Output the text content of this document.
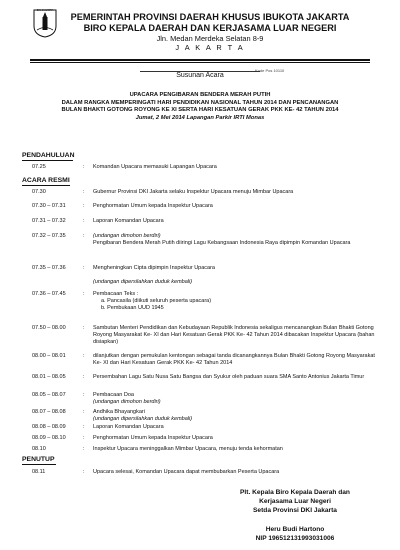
DKI JAKARTA
PEMERINTAH PROVINSI DAERAH KHUSUS IBUKOTA JAKARTA
BIRO KEPALA DAERAH DAN KERJASAMA LUAR NEGERI
Jln. Medan Merdeka Selatan 8-9
J A K A R T A
Kode Pos 10110
Susunan Acara
UPACARA PENGIBARAN BENDERA MERAH PUTIH
DALAM RANGKA MEMPERINGATI HARI PENDIDIKAN NASIONAL TAHUN 2014 DAN PENCANANGAN
BULAN BHAKTI GOTONG ROYONG KE XI SERTA HARI KESATUAN GERAK PKK KE- 42 TAHUN 2014
Jumat, 2 Mei 2014 Lapangan Parkir IRTI Monas
PENDAHULUAN
07.25	: Komandan Upacara memasuki Lapangan Upacara
ACARA RESMI
07.30	: Gubernur Provinsi DKI Jakarta selaku Inspektur Upacara menuju Mimbar Upacara
07.30 – 07.31	: Penghormatan Umum kepada Inspektur Upacara
07.31 – 07.32	: Laporan Komandan Upacara
07.32 – 07.35	: (undangan dimohon berdiri)
Pengibaran Bendera Merah Putih diiringi Lagu Kebangsaan Indonesia Raya dipimpin Komandan Upacara
07.35 – 07.36	: Mengheningkan Cipta dipimpin Inspektur Upacara

(undangan dipersilahkan duduk kembali)
07.36 – 07.45	: Pembacaan Teks :
a. Pancasila (diikuti seluruh peserta upacara)
b. Pembukaan UUD 1945
07.50 – 08.00	: Sambutan Menteri Pendidikan dan Kebudayaan Republik Indonesia sekaligus mencanangkan Bulan Bhakti Gotong Royong Masyarakat Ke- XI dan Hari Kesatuan Gerak PKK Ke- 42 Tahun 2014 dibacakan Inspektur Upacara (bahan disiapkan)
08.00 – 08.01	: dilanjutkan dengan pemukulan kentongan sebagai tanda dicanangkannya Bulan Bhakti Gotong Royong Masyarakat Ke- XI dan Hari Kesatuan Gerak PKK Ke- 42 Tahun 2014
08.01 – 08.05	: Persembahan Lagu Satu Nusa Satu Bangsa dan Syukur oleh paduan suara SMA Santo Antonius Jakarta Timur
08.05 – 08.07	: Pembacaan Doa
(undangan dimohon berdiri)
08.07 – 08.08	: Andhika Bhayangkari
(undangan dipersilahkan duduk kembali)
08.08 – 08.09	: Laporan Komandan Upacara
08.09 – 08.10	: Penghormatan Umum kepada Inspektur Upacara
08.10	: Inspektur Upacara meninggalkan Mimbar Upacara, menuju tenda kehormatan
PENUTUP
08.11	: Upacara selesai, Komandan Upacara dapat membubarkan Peserta Upacara
Plt. Kepala Biro Kepala Daerah dan
Kerjasama Luar Negeri
Setda Provinsi DKI Jakarta
Heru Budi Hartono
NIP 196512131993031006
